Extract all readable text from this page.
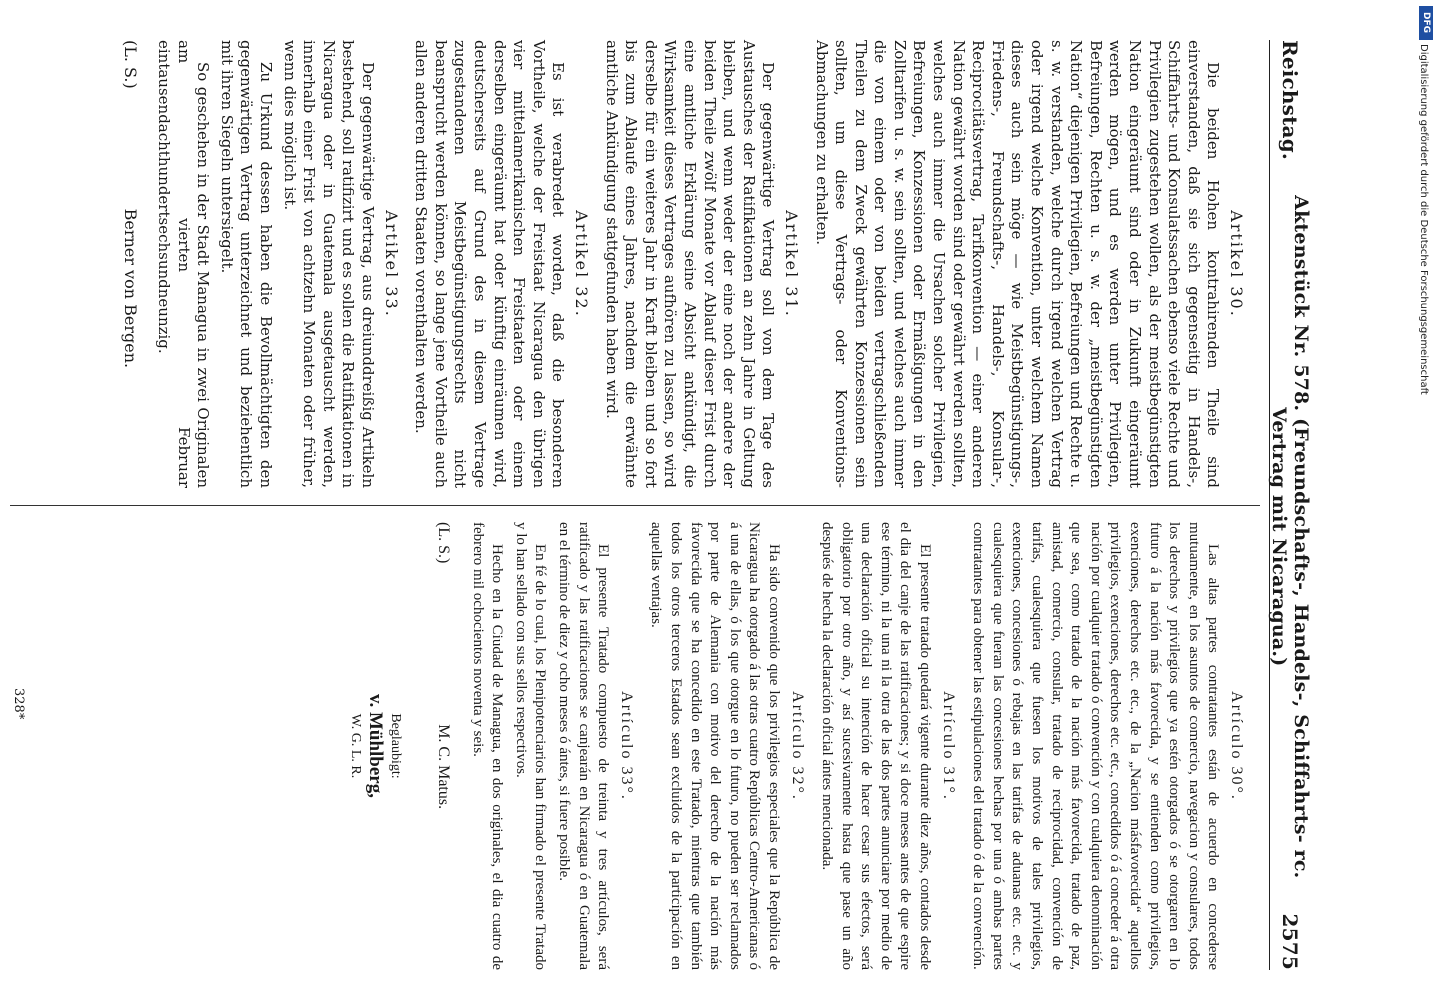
Reichstag.
Aktenstück Nr. 578. (Freundschafts-, Handels-, Schiffahrts- rc. Vertrag mit Nicaragua.)
2575
Artikel 30.

Die beiden Hohen kontrahirenden Theile sind einverstanden, daß sie sich gegenseitig in Handels-, Schiffahrts- und Konsulatssachen ebenso viele Rechte und Privilegien zugestehen wollen, als der meistbegünstigten Nation eingeräumt sind oder in Zukunft eingeräumt werden mögen, und es werden unter Privilegien, Befreiungen, Rechten u. s. w. der „meistbegünstigten Nation“ diejenigen Privilegien, Befreiungen und Rechte u. s. w. verstanden, welche durch irgend welchen Vertrag oder irgend welche Konvention, unter welchem Namen dieses auch sein möge — wie Meistbegünstigungs-, Friedens-, Freundschafts-, Handels-, Konsular-, Reciprocitätsvertrag, Tarifkonvention — einer anderen Nation gewährt worden sind oder gewährt werden sollten, welches auch immer die Ursachen solcher Privilegien, Befreiungen, Konzessionen oder Ermäßigungen in den Zolltarifen u. s. w. sein sollten, und welches auch immer die von einem oder von beiden vertragschließenden Theilen zu dem Zweck gewährten Konzessionen sein sollten, um diese Vertrags- oder Konventions-Abmachungen zu erhalten.

Artikel 31.

Der gegenwärtige Vertrag soll von dem Tage des Austausches der Ratifikationen an zehn Jahre in Geltung bleiben, und wenn weder der eine noch der andere der beiden Theile zwölf Monate vor Ablauf dieser Frist durch eine amtliche Erklärung seine Absicht ankündigt, die Wirksamkeit dieses Vertrages aufhören zu lassen, so wird derselbe für ein weiteres Jahr in Kraft bleiben und so fort bis zum Ablaufe eines Jahres, nachdem die erwähnte amtliche Ankündigung stattgefunden haben wird.

Artikel 32.

Es ist verabredet worden, daß die besonderen Vortheile, welche der Freistaat Nicaragua den übrigen vier mittelamerikanischen Freistaaten oder einem derselben eingeräumt hat oder künftig einräumen wird, deutscherseits auf Grund des in diesem Vertrage zugestandenen Meistbegünstigungsrechts nicht beansprucht werden können, so lange jene Vortheile auch allen anderen dritten Staaten vorenthalten werden.

Artikel 33.

Der gegenwärtige Vertrag, aus dreiunddreißig Artikeln bestehend, soll ratifizirt und es sollen die Ratifikationen in Nicaragua oder in Guatemala ausgetauscht werden, innerhalb einer Frist von achtzehn Monaten oder früher, wenn dies möglich ist.

Zu Urkund dessen haben die Bevollmächtigten den gegenwärtigen Vertrag unterzeichnet und beziehentlich mit ihren Siegeln untersiegelt.

So geschehen in der Stadt Managua in zwei Originalen am vierten Februar eintausendachthundertsechsundneunzig.

(L. S.)
Berner von Bergen.
Artículo 30°.

Las altas partes contratantes están de acuerdo en concederse mutuamente, en los asuntos de comercio, navegacion y consulares, todos los derechos y privilegios que ya estén otorgados ó se otorgaren en lo futuro á la nación más favorecida, y se entienden como privilegios, exenciones, derechos etc. etc., de la „Nacion másfavorecida“ aquellos privilegios, exenciones, derechos etc. etc., concedidos ó á conceder á otra nación por cualquier tratado ó convención y con cualquiera denominación que sea, como tratado de la nación más favorecida, tratado de paz, amistad, comercio, consular, tratado de reciprocidad, convención de tarifas, cualesquiera que fuesen los motivos de tales privilegios, exenciones, concesiones ó rebajas en las tarifas de aduanas etc. etc. y cualesquiera que fueran las concesiones hechas por una ó ambas partes contratantes para obtener las estipulaciones del tratado ó de la convención.

Artículo 31°.

El presente tratado quedará vigente durante diez años, contados desde el dia del canje de las ratificaciones; y si doce meses antes de que espire ese término, ni la una ni la otra de las dos partes anunciare por medio de una declaración oficial su intención de hacer cesar sus efectos, será obligatorio por otro año, y así sucesivamente hasta que pase un año después de hecha la declaración oficial ántes mencionada.

Artículo 32°.

Ha sido convenido que los privilegios especiales que la República de Nicaragua ha otorgado á las otras cuatro Repúblicas Centro-Americanas ó á una de ellas, ó los que otorgue en lo futuro, no pueden ser reclamados por parte de Alemania con motivo del derecho de la nación más favorecida que se ha concedido en este Tratado, mientras que también todos los otros terceros Estados sean excluidos de la participación en aquellas ventajas.

Artículo 33°.

El presente Tratado compuesto de treinta y tres artículos, será ratificado y las ratificaciones se canjearán en Nicaragua ó en Guatemala en el término de diez y ocho meses ó ántes, si fuere posible.

En fé de lo cual, los Plenipotenciarios han firmado el presente Tratado y lo han sellado con sus sellos respectivos.

Hecho en la Ciudad de Managua, en dos originales, el dia cuatro de febrero mil ochocientos noventa y seis.

(L. S.)
M. C. Matus.
Beglaubigt:
v. Mühlberg,
W. G. L. R.
328*
DFG
Digitalisierung gefördert durch die Deutsche Forschungsgemeinschaft
